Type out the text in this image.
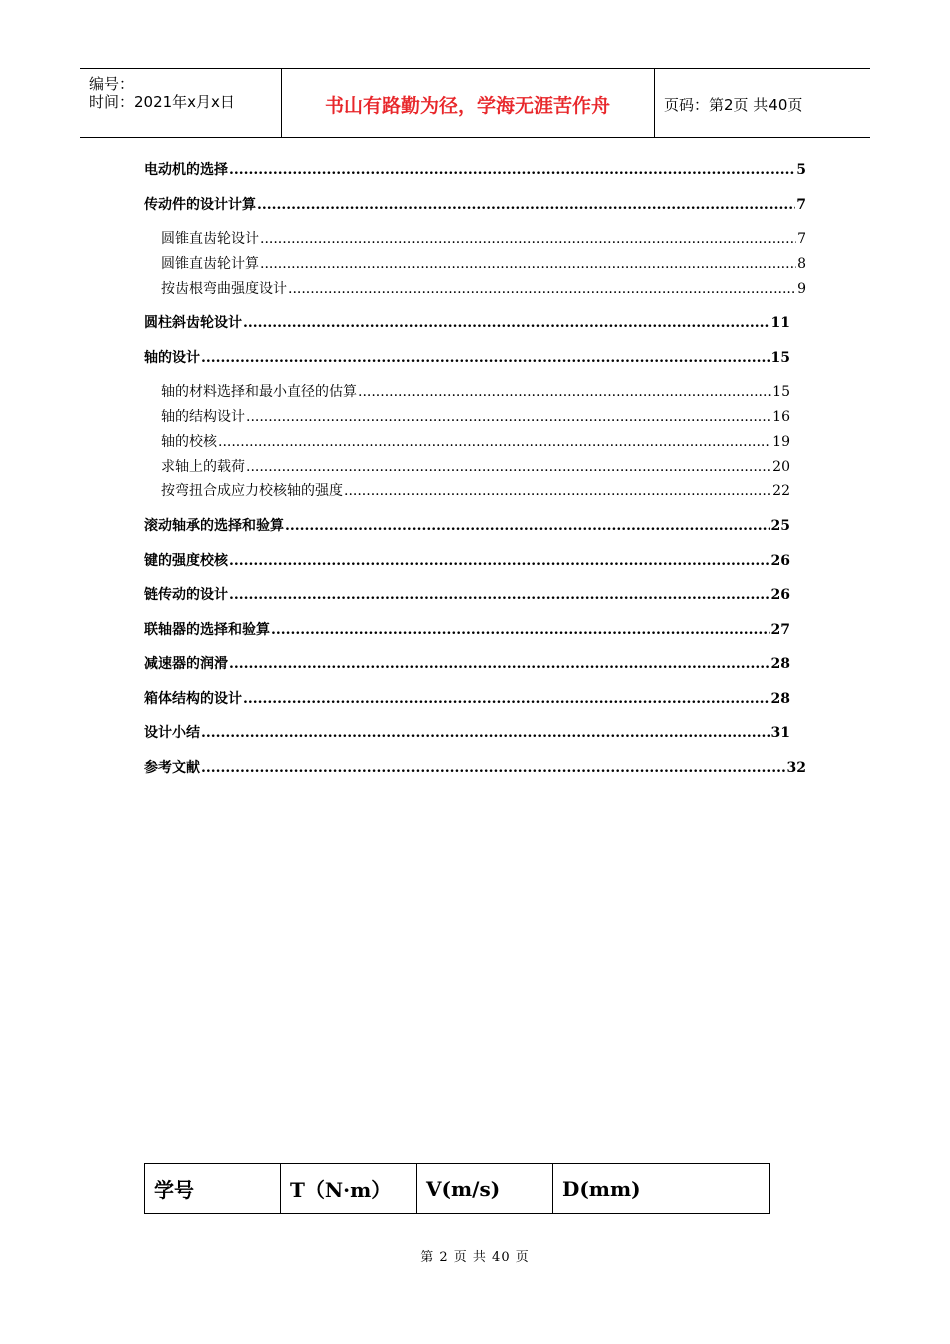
编号：
时间：2021年x月x日	书山有路勤为径，学海无涯苦作舟	页码：第2页 共40页
电动机的选择 .....	5
传动件的设计计算 .....	7
圆锥直齿轮设计 .....	7
圆锥直齿轮计算 .....	8
按齿根弯曲强度设计 .....	9
圆柱斜齿轮设计 .....	11
轴的设计 .....	15
轴的材料选择和最小直径的估算 .....	15
轴的结构设计 .....	16
轴的校核 .....	19
求轴上的载荷 .....	20
按弯扭合成应力校核轴的强度 .....	22
滚动轴承的选择和验算 .....	25
键的强度校核 .....	26
链传动的设计 .....	26
联轴器的选择和验算 .....	27
减速器的润滑 .....	28
箱体结构的设计 .....	28
设计小结 .....	31
参考文献 .....	32
学号	T（N·m）	V(m/s)	D(mm)
第 2 页 共 40 页
